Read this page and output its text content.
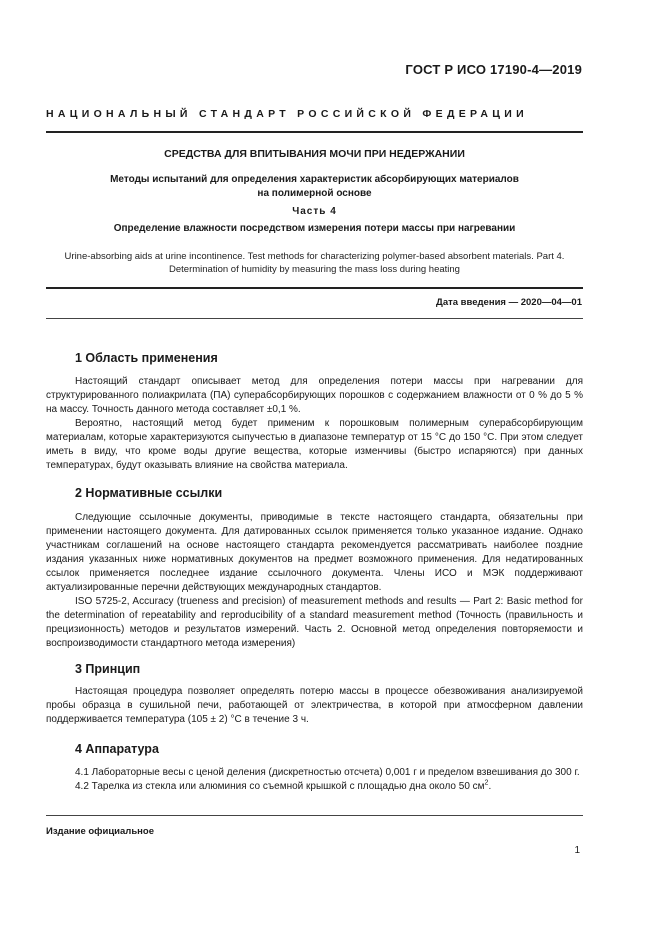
ГОСТ Р ИСО 17190-4—2019
НАЦИОНАЛЬНЫЙ СТАНДАРТ РОССИЙСКОЙ ФЕДЕРАЦИИ
СРЕДСТВА ДЛЯ ВПИТЫВАНИЯ МОЧИ ПРИ НЕДЕРЖАНИИ
Методы испытаний для определения характеристик абсорбирующих материалов
на полимерной основе
Часть 4
Определение влажности посредством измерения потери массы при нагревании
Urine-absorbing aids at urine incontinence. Test methods for characterizing polymer-based absorbent materials. Part 4.
Determination of humidity by measuring the mass loss during heating
Дата введения — 2020—04—01
1 Область применения

Настоящий стандарт описывает метод для определения потери массы при нагревании для структурированного полиакрилата (ПА) суперабсорбирующих порошков с содержанием влажности от 0 % до 5 % на массу. Точность данного метода составляет ±0,1 %.

Вероятно, настоящий метод будет применим к порошковым полимерным суперабсорбирующим материалам, которые характеризуются сыпучестью в диапазоне температур от 15 °С до 150 °С. При этом следует иметь в виду, что кроме воды другие вещества, которые изменчивы (быстро испаряются) при данных температурах, будут оказывать влияние на свойства материала.

2 Нормативные ссылки

Следующие ссылочные документы, приводимые в тексте настоящего стандарта, обязательны при применении настоящего документа. Для датированных ссылок применяется только указанное издание. Однако участникам соглашений на основе настоящего стандарта рекомендуется рассматривать наиболее поздние издания указанных ниже нормативных документов на предмет возможного применения. Для недатированных ссылок применяется последнее издание ссылочного документа. Члены ИСО и МЭК поддерживают актуализированные перечни действующих международных стандартов.

ISO 5725-2, Accuracy (trueness and precision) of measurement methods and results — Part 2: Basic method for the determination of repeatability and reproducibility of a standard measurement method (Точность (правильность и прецизионность) методов и результатов измерений. Часть 2. Основной метод определения повторяемости и воспроизводимости стандартного метода измерения)

3 Принцип

Настоящая процедура позволяет определять потерю массы в процессе обезвоживания анализируемой пробы образца в сушильной печи, работающей от электричества, в которой при атмосферном давлении поддерживается температура (105 ± 2) °С в течение 3 ч.

4 Аппаратура

4.1 Лабораторные весы с ценой деления (дискретностью отсчета) 0,001 г и пределом взвешивания до 300 г.

4.2 Тарелка из стекла или алюминия со съемной крышкой с площадью дна около 50 $см^2$.

Издание официальное
1
